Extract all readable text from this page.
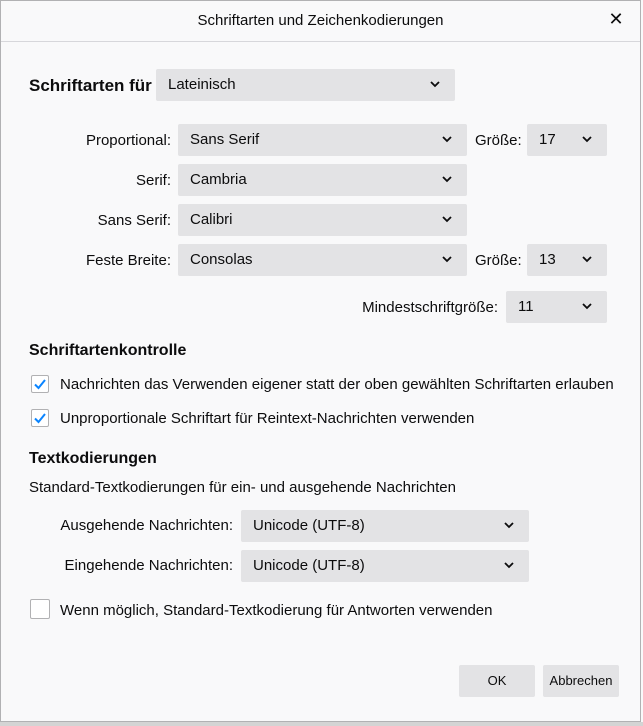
Schriftarten und Zeichenkodierungen	✕
Schriftarten für	Lateinisch
Proportional:	Sans Serif	Größe:	17
Serif:	Cambria
Sans Serif:	Calibri
Feste Breite:	Consolas	Größe:	13
Mindestschriftgröße:	11
Schriftartenkontrolle
Nachrichten das Verwenden eigener statt der oben gewählten Schriftarten erlauben
Unproportionale Schriftart für Reintext-Nachrichten verwenden
Textkodierungen
Standard-Textkodierungen für ein- und ausgehende Nachrichten
Ausgehende Nachrichten:	Unicode (UTF-8)
Eingehende Nachrichten:	Unicode (UTF-8)
Wenn möglich, Standard-Textkodierung für Antworten verwenden
OK	Abbrechen
